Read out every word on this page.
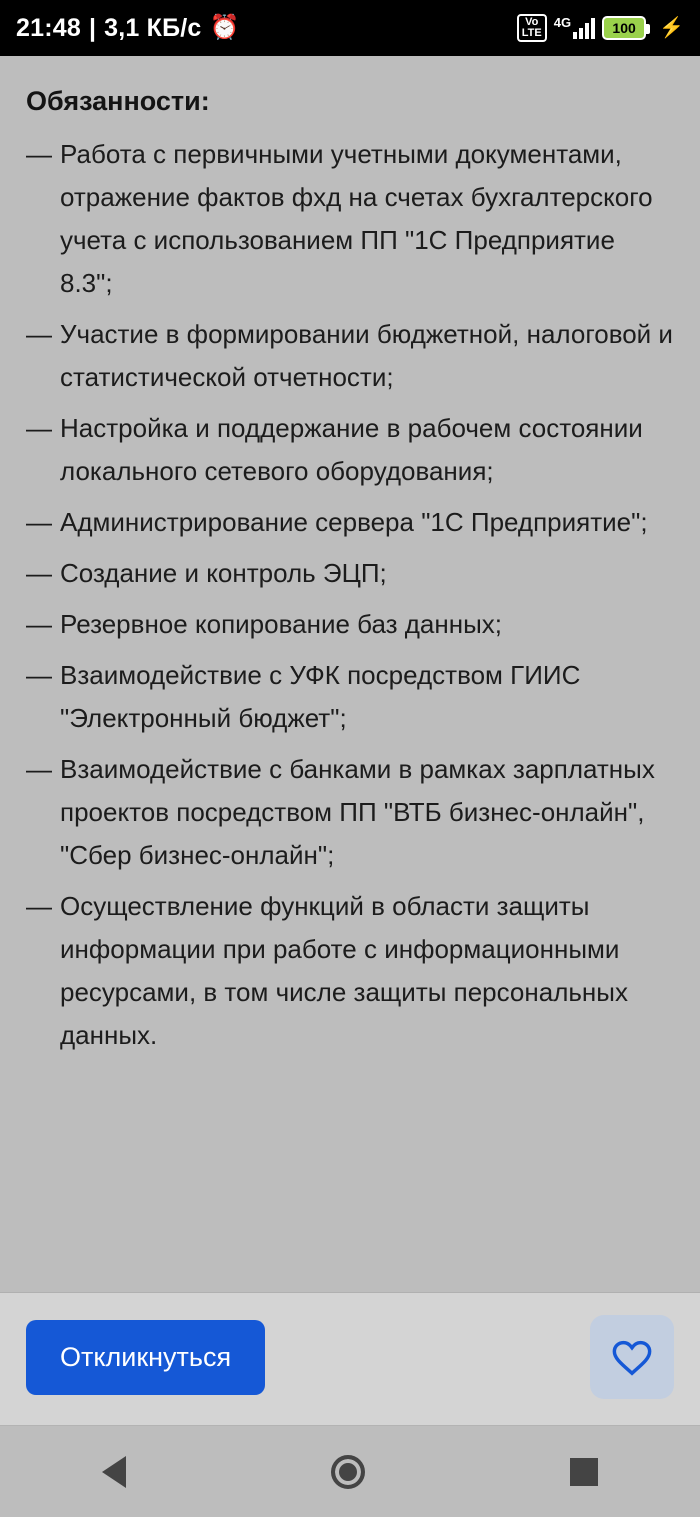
21:48 | 3,1 КБ/с ⏰	Vo
LTE
4G	100 ⚡
Обязанности:
— Работа с первичными учетными документами, отражение фактов фхд на счетах бухгалтерского учета с использованием ПП "1С Предприятие 8.3";
— Участие в формировании бюджетной, налоговой и статистической отчетности;
— Настройка и поддержание в рабочем состоянии локального сетевого оборудования;
— Администрирование сервера "1С Предприятие";
— Создание и контроль ЭЦП;
— Резервное копирование баз данных;
— Взаимодействие с УФК посредством ГИИС "Электронный бюджет";
— Взаимодействие с банками в рамках зарплатных проектов посредством ПП "ВТБ бизнес-онлайн", "Сбер бизнес-онлайн";
— Осуществление функций в области защиты информации при работе с информационными ресурсами, в том числе защиты персональных данных.
Откликнуться
